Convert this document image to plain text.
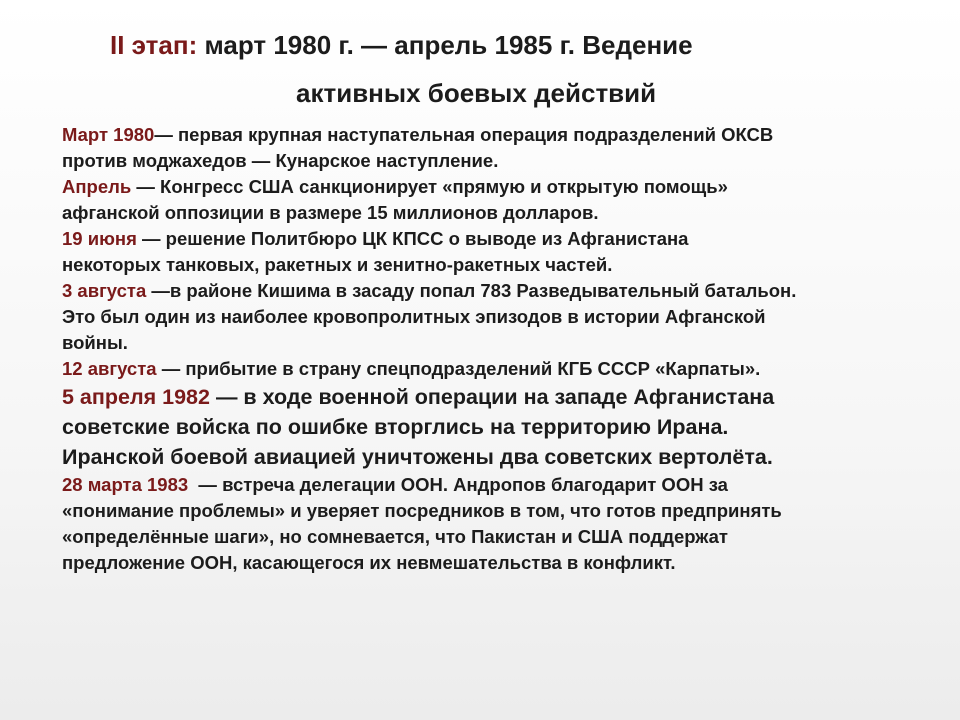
II этап: март 1980 г. — апрель 1985 г. Ведение
активных боевых действий

Март 1980— первая крупная наступательная операция подразделений ОКСВ
против моджахедов — Кунарское наступление.

Апрель — Конгресс США санкционирует «прямую и открытую помощь»
афганской оппозиции в размере 15 миллионов долларов.

19 июня — решение Политбюро ЦК КПСС о выводе из Афганистана
некоторых танковых, ракетных и зенитно-ракетных частей.

3 августа —в районе Кишима в засаду попал 783 Разведывательный батальон.
Это был один из наиболее кровопролитных эпизодов в истории Афганской
войны.

12 августа — прибытие в страну спецподразделений КГБ СССР «Карпаты».

5 апреля 1982 — в ходе военной операции на западе Афганистана
советские войска по ошибке вторглись на территорию Ирана.
Иранской боевой авиацией уничтожены два советских вертолёта.

28 марта 1983  — встреча делегации ООН. Андропов благодарит ООН за
«понимание проблемы» и уверяет посредников в том, что готов предпринять
«определённые шаги», но сомневается, что Пакистан и США поддержат
предложение ООН, касающегося их невмешательства в конфликт.
